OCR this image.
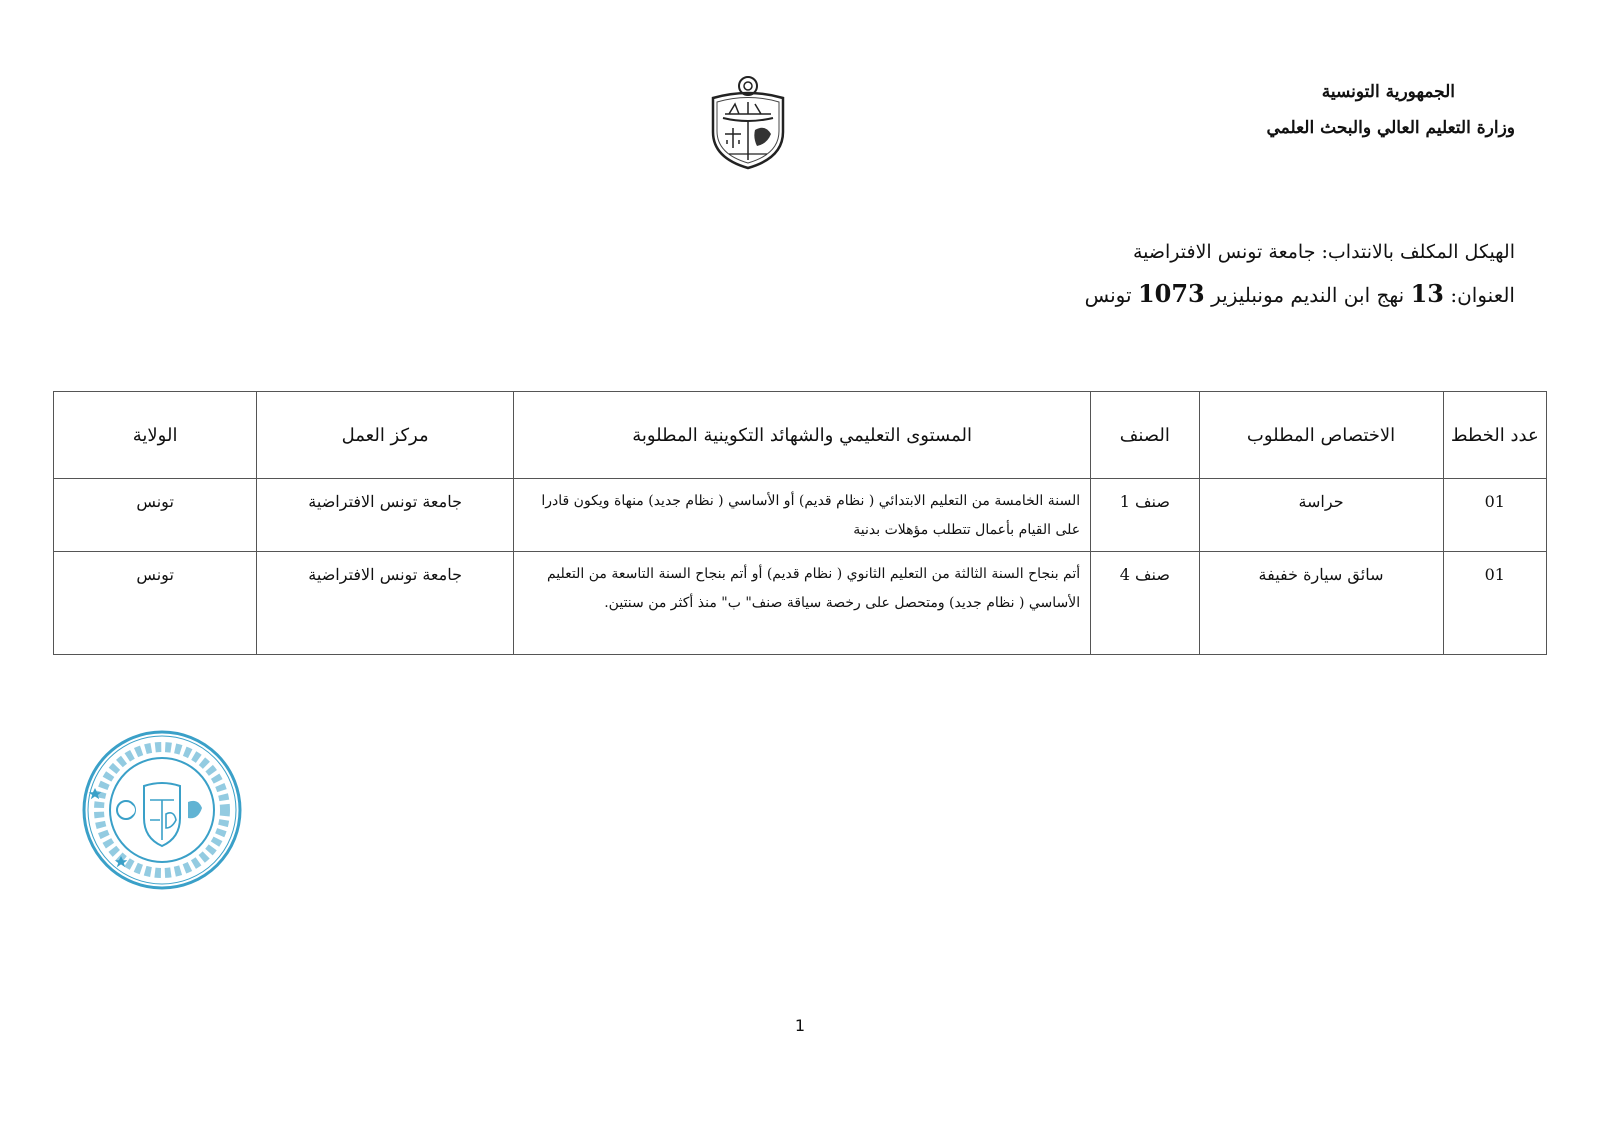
الجمهورية التونسية
وزارة التعليم العالي والبحث العلمي
الهيكل المكلف بالانتداب: جامعة تونس الافتراضية
العنوان: 13 نهج ابن النديم مونبليزير 1073 تونس
عدد الخطط	الاختصاص المطلوب	الصنف	المستوى التعليمي والشهائد التكوينية المطلوبة	مركز العمل	الولاية
01	حراسة	صنف 1	السنة الخامسة من التعليم الابتدائي ( نظام قديم) أو الأساسي ( نظام جديد) منهاة ويكون قادرا على القيام بأعمال تتطلب مؤهلات بدنية	جامعة تونس الافتراضية	تونس
01	سائق سيارة خفيفة	صنف 4	أتم بنجاح السنة الثالثة من التعليم الثانوي ( نظام قديم) أو أتم بنجاح السنة التاسعة من التعليم الأساسي ( نظام جديد) ومتحصل على رخصة سياقة صنف" ب" منذ أكثر من سنتين.	جامعة تونس الافتراضية	تونس
1
